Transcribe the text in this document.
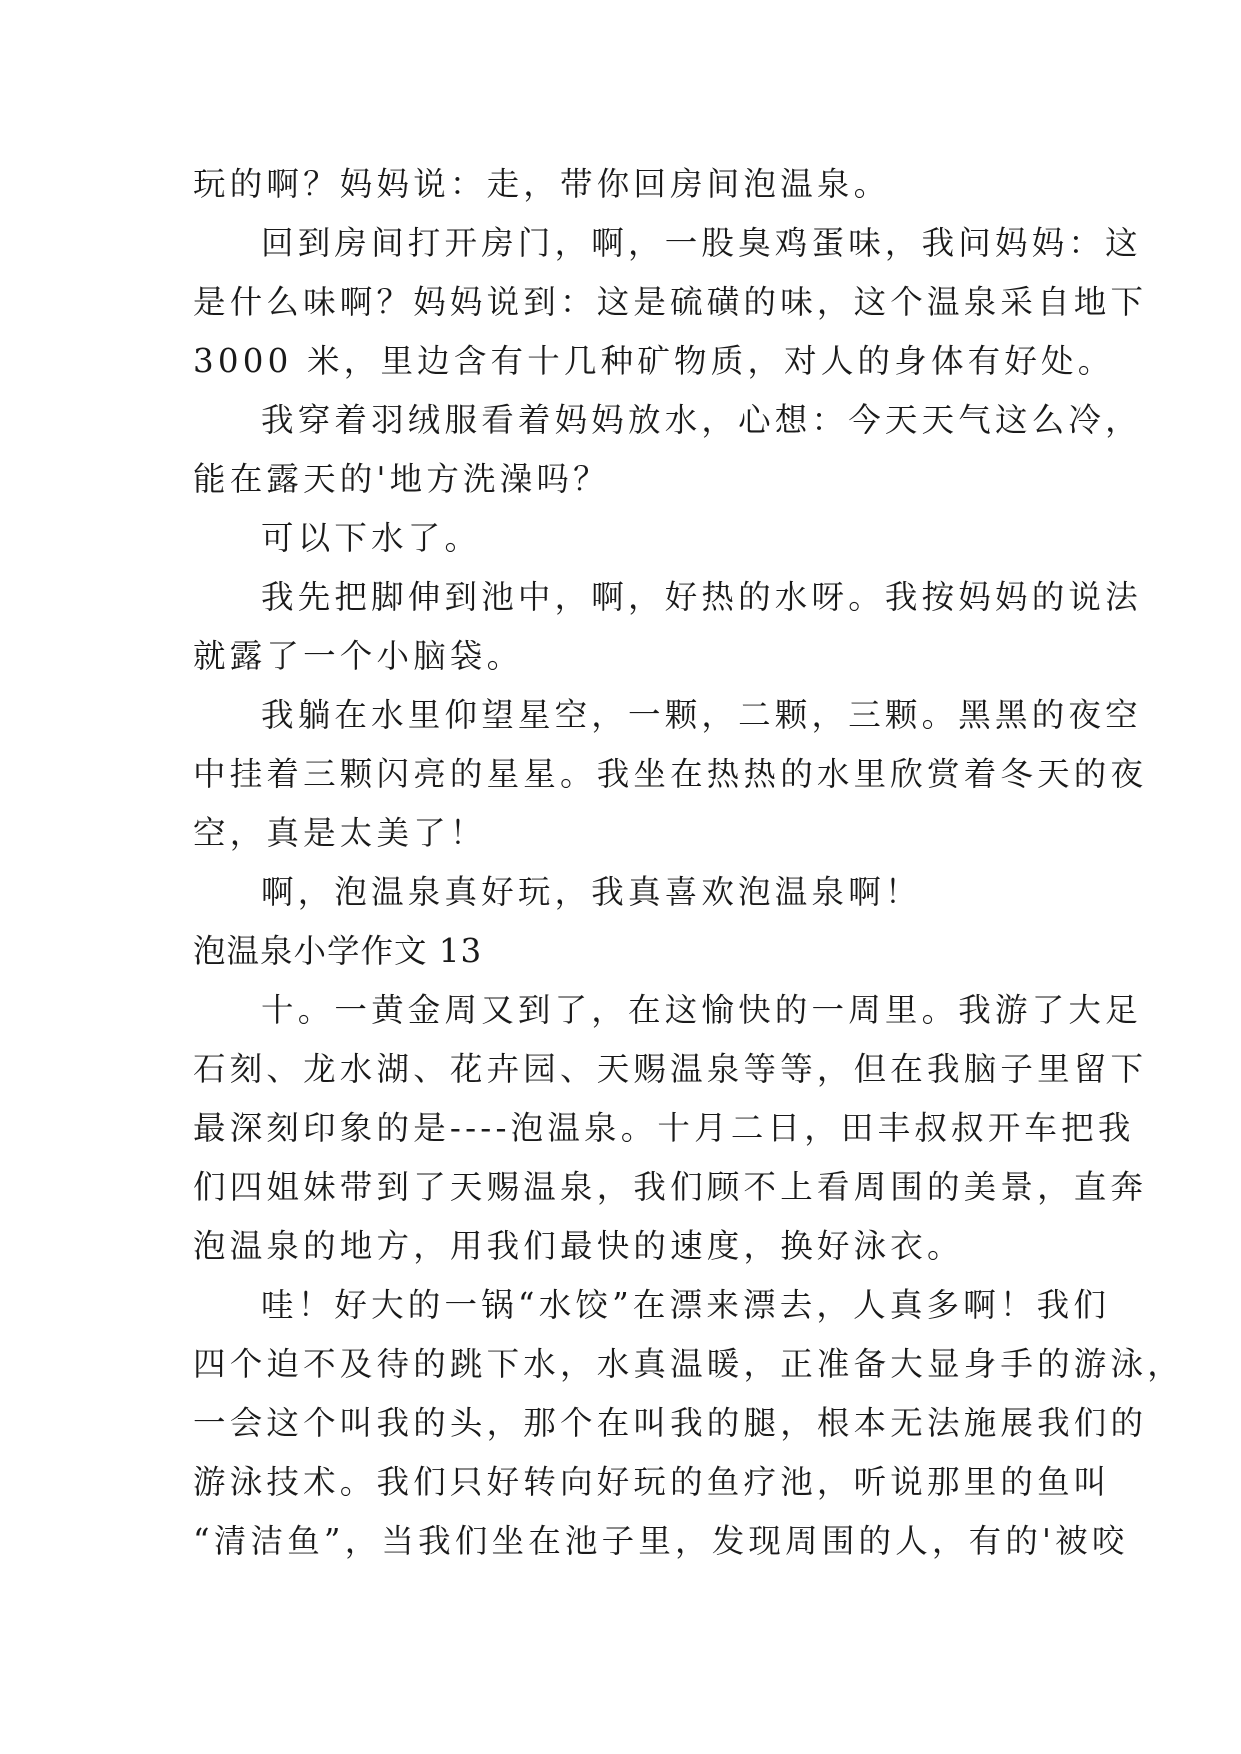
玩的啊？妈妈说：走，带你回房间泡温泉。
回到房间打开房门，啊，一股臭鸡蛋味，我问妈妈：这
是什么味啊？妈妈说到：这是硫磺的味，这个温泉采自地下
3000 米，里边含有十几种矿物质，对人的身体有好处。
我穿着羽绒服看着妈妈放水，心想：今天天气这么冷，
能在露天的'地方洗澡吗？
可以下水了。
我先把脚伸到池中，啊，好热的水呀。我按妈妈的说法
就露了一个小脑袋。
我躺在水里仰望星空，一颗，二颗，三颗。黑黑的夜空
中挂着三颗闪亮的星星。我坐在热热的水里欣赏着冬天的夜
空，真是太美了！
啊，泡温泉真好玩，我真喜欢泡温泉啊！
泡温泉小学作文 13
十。一黄金周又到了，在这愉快的一周里。我游了大足
石刻、龙水湖、花卉园、天赐温泉等等，但在我脑子里留下
最深刻印象的是----泡温泉。十月二日，田丰叔叔开车把我
们四姐妹带到了天赐温泉，我们顾不上看周围的美景，直奔
泡温泉的地方，用我们最快的速度，换好泳衣。
哇！好大的一锅“水饺”在漂来漂去，人真多啊！我们
四个迫不及待的跳下水，水真温暖，正准备大显身手的游泳，
一会这个叫我的头，那个在叫我的腿，根本无法施展我们的
游泳技术。我们只好转向好玩的鱼疗池，听说那里的鱼叫
“清洁鱼”，当我们坐在池子里，发现周围的人，有的'被咬
